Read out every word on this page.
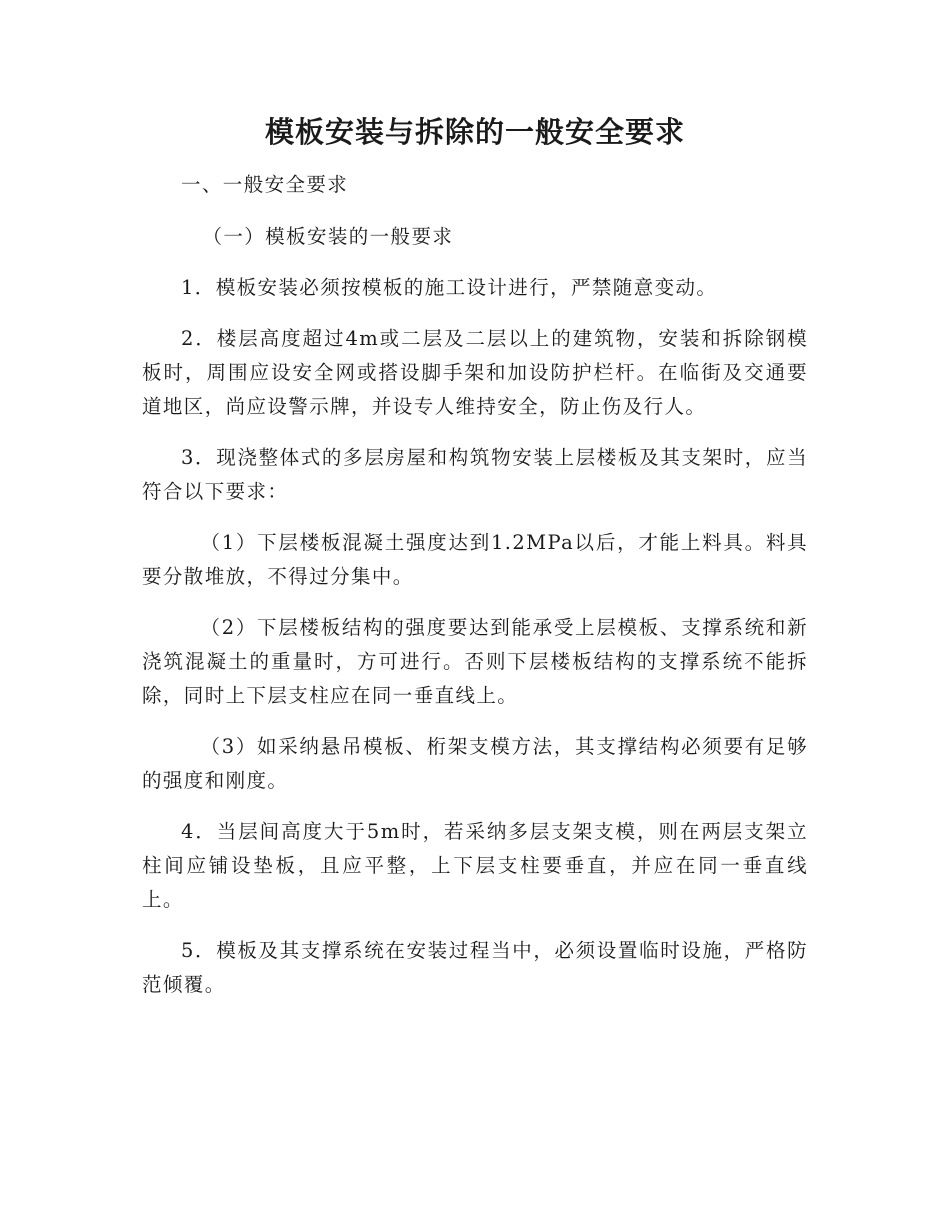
模板安装与拆除的一般安全要求

一、一般安全要求

（一）模板安装的一般要求

1．模板安装必须按模板的施工设计进行，严禁随意变动。

2．楼层高度超过4m或二层及二层以上的建筑物，安装和拆除钢模板时，周围应设安全网或搭设脚手架和加设防护栏杆。在临街及交通要道地区，尚应设警示牌，并设专人维持安全，防止伤及行人。

3．现浇整体式的多层房屋和构筑物安装上层楼板及其支架时，应当符合以下要求：

（1）下层楼板混凝土强度达到1.2MPa以后，才能上料具。料具要分散堆放，不得过分集中。

（2）下层楼板结构的强度要达到能承受上层模板、支撑系统和新浇筑混凝土的重量时，方可进行。否则下层楼板结构的支撑系统不能拆除，同时上下层支柱应在同一垂直线上。

（3）如采纳悬吊模板、桁架支模方法，其支撑结构必须要有足够的强度和刚度。

4．当层间高度大于5m时，若采纳多层支架支模，则在两层支架立柱间应铺设垫板，且应平整，上下层支柱要垂直，并应在同一垂直线上。

5．模板及其支撑系统在安装过程当中，必须设置临时设施，严格防范倾覆。
